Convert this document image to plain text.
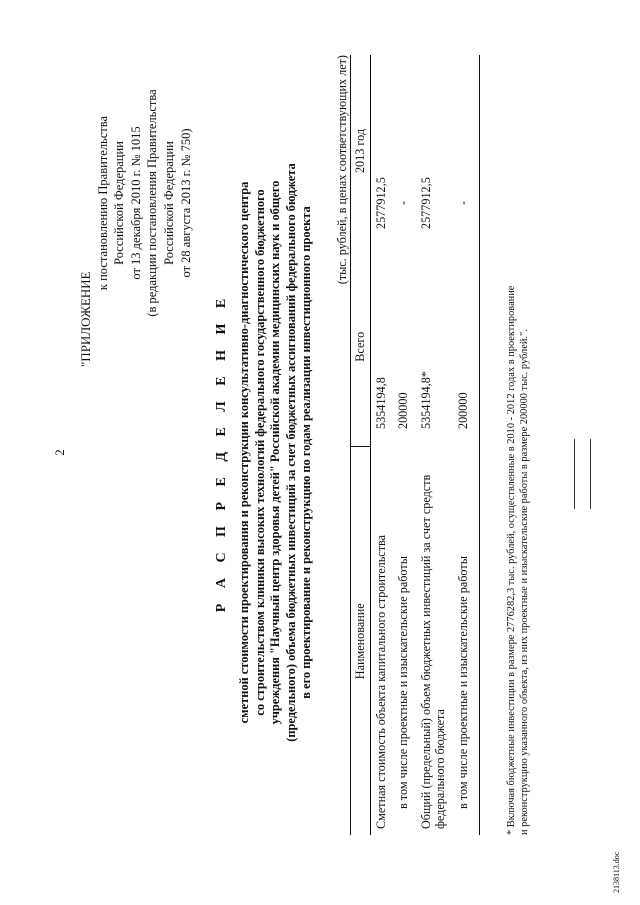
2
"ПРИЛОЖЕНИЕ
к постановлению Правительства Российской Федерации от 13 декабря 2010 г. № 1015 (в редакции постановления Правительства Российской Федерации от 28 августа 2013 г. № 750)
Р А С П Р Е Д Е Л Е Н И Е сметной стоимости проектирования и реконструкции консультативно-диагностического центра со строительством клиники высоких технологий федерального государственного бюджетного учреждения "Научный центр здоровья детей" Российской академии медицинских наук и общего (предельного) объема бюджетных инвестиций за счет бюджетных ассигнований федерального бюджета в его проектирование и реконструкцию по годам реализации инвестиционного проекта
(тыс. рублей, в ценах соответствующих лет)
Наименование	Всего	2013 год
Сметная стоимость объекта капитального строительства	5354194,8	2577912,5
в том числе проектные и изыскательские работы	200000	-
Общий (предельный) объем бюджетных инвестиций за счет средств федерального бюджета	5354194,8*	2577912,5
в том числе проектные и изыскательские работы	200000	-
* Включая бюджетные инвестиции в размере 2776282,3 тыс. рублей, осуществленные в 2010 - 2012 годах в проектирование и реконструкцию указанного объекта, из них проектные и изыскательские работы в размере 200000 тыс. рублей.".
2138113.doc
